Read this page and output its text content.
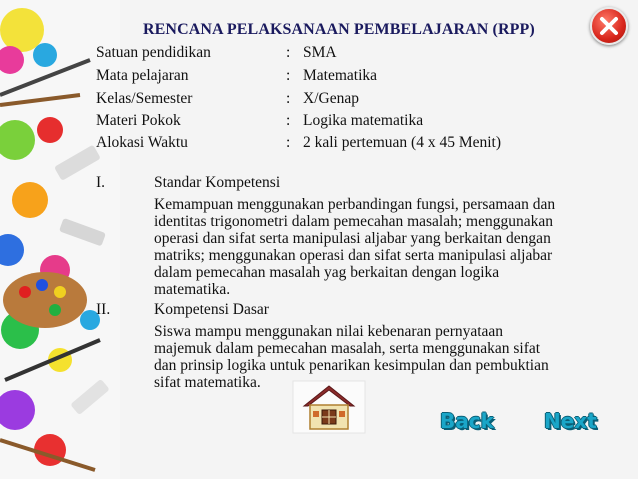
RENCANA PELAKSANAAN PEMBELAJARAN (RPP)
Satuan pendidikan	: SMA
Mata pelajaran	: Matematika
Kelas/Semester	: X/Genap
Materi Pokok	: Logika matematika
Alokasi Waktu	: 2 kali pertemuan (4 x 45 Menit)
I.	Standar Kompetensi
Kemampuan menggunakan perbandingan fungsi, persamaan dan
identitas trigonometri dalam pemecahan masalah; menggunakan
operasi dan sifat serta manipulasi aljabar yang berkaitan dengan
matriks; menggunakan operasi dan sifat serta manipulasi aljabar
dalam pemecahan masalah yag berkaitan dengan logika
matematika.
II.	Kompetensi Dasar
Siswa mampu menggunakan nilai kebenaran pernyataan
majemuk dalam pemecahan masalah, serta menggunakan sifat
dan prinsip logika untuk penarikan kesimpulan dan pembuktian
sifat matematika.
Back	Next
